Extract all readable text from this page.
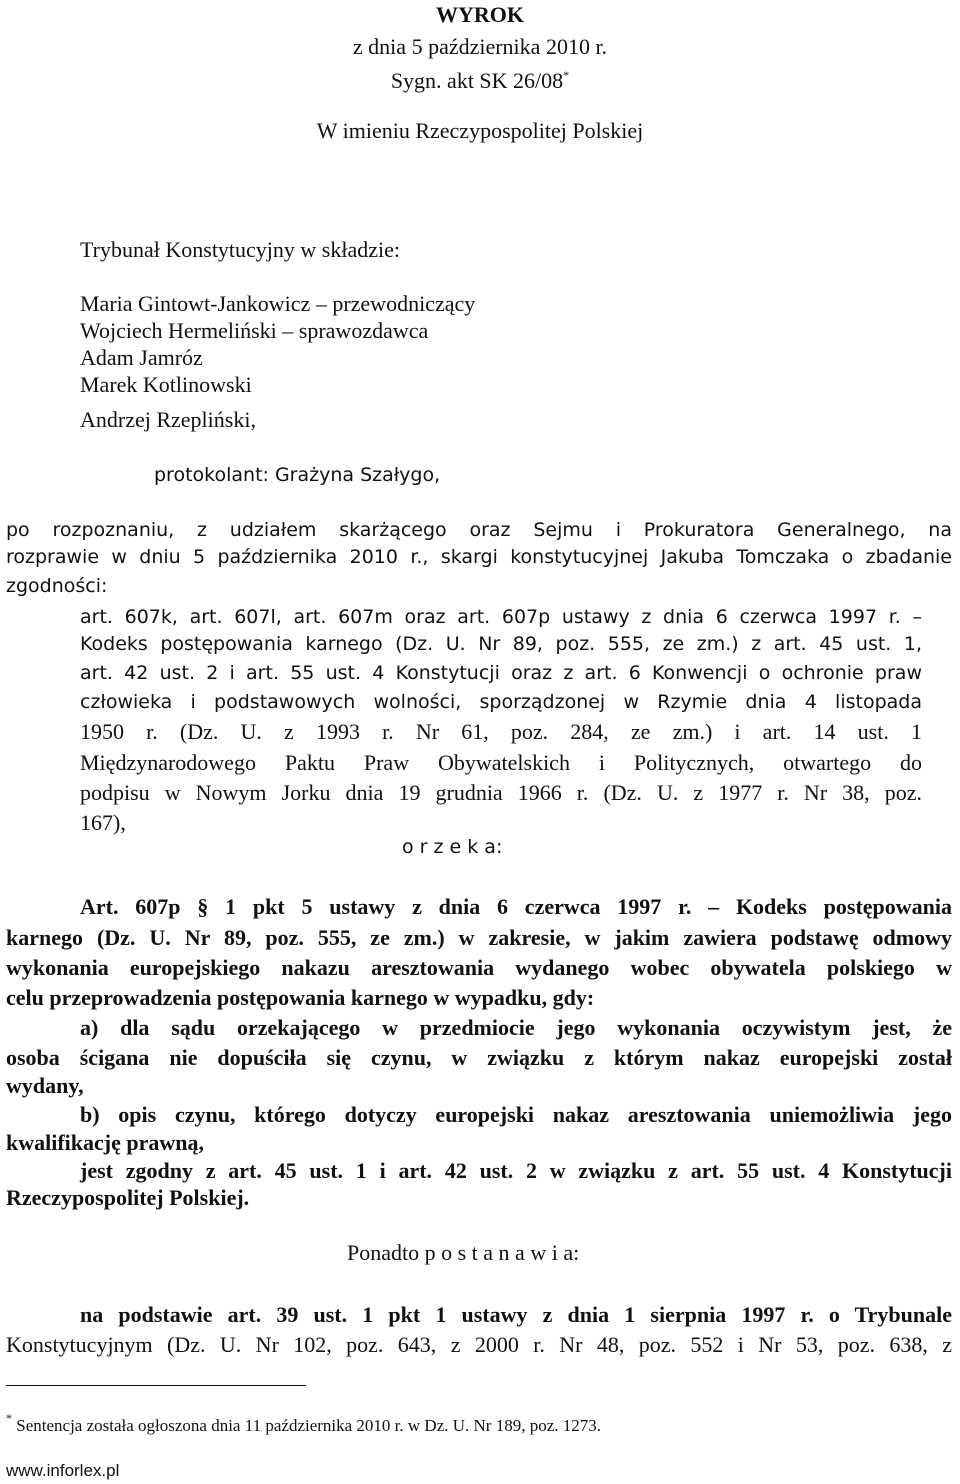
WYROK
z dnia 5 października 2010 r.
Sygn. akt SK 26/08*
W imieniu Rzeczypospolitej Polskiej
Trybunał Konstytucyjny w składzie:
Maria Gintowt-Jankowicz – przewodniczący
Wojciech Hermeliński – sprawozdawca
Adam Jamróz
Marek Kotlinowski
Andrzej Rzepliński,
protokolant: Grażyna Szałygo,
po rozpoznaniu, z udziałem skarżącego oraz Sejmu i Prokuratora Generalnego, na
rozprawie w dniu 5 października 2010 r., skargi konstytucyjnej Jakuba Tomczaka o zbadanie
zgodności:
art. 607k, art. 607l, art. 607m oraz art. 607p ustawy z dnia 6 czerwca 1997 r. –
Kodeks postępowania karnego (Dz. U. Nr 89, poz. 555, ze zm.) z art. 45 ust. 1,
art. 42 ust. 2 i art. 55 ust. 4 Konstytucji oraz z art. 6 Konwencji o ochronie praw
człowieka i podstawowych wolności, sporządzonej w Rzymie dnia 4 listopada
1950 r. (Dz. U. z 1993 r. Nr 61, poz. 284, ze zm.) i art. 14 ust. 1
Międzynarodowego Paktu Praw Obywatelskich i Politycznych, otwartego do
podpisu w Nowym Jorku dnia 19 grudnia 1966 r. (Dz. U. z 1977 r. Nr 38, poz.
167),
o r z e k a:
Art. 607p § 1 pkt 5 ustawy z dnia 6 czerwca 1997 r. – Kodeks postępowania
karnego (Dz. U. Nr 89, poz. 555, ze zm.) w zakresie, w jakim zawiera podstawę odmowy
wykonania europejskiego nakazu aresztowania wydanego wobec obywatela polskiego w
celu przeprowadzenia postępowania karnego w wypadku, gdy:
a) dla sądu orzekającego w przedmiocie jego wykonania oczywistym jest, że
osoba ścigana nie dopuściła się czynu, w związku z którym nakaz europejski został
wydany,
b) opis czynu, którego dotyczy europejski nakaz aresztowania uniemożliwia jego
kwalifikację prawną,
jest zgodny z art. 45 ust. 1 i art. 42 ust. 2 w związku z art. 55 ust. 4 Konstytucji
Rzeczypospolitej Polskiej.
Ponadto p o s t a n a w i a:
na podstawie art. 39 ust. 1 pkt 1 ustawy z dnia 1 sierpnia 1997 r. o Trybunale
Konstytucyjnym (Dz. U. Nr 102, poz. 643, z 2000 r. Nr 48, poz. 552 i Nr 53, poz. 638, z
* Sentencja została ogłoszona dnia 11 października 2010 r. w Dz. U. Nr 189, poz. 1273.
www.inforlex.pl
